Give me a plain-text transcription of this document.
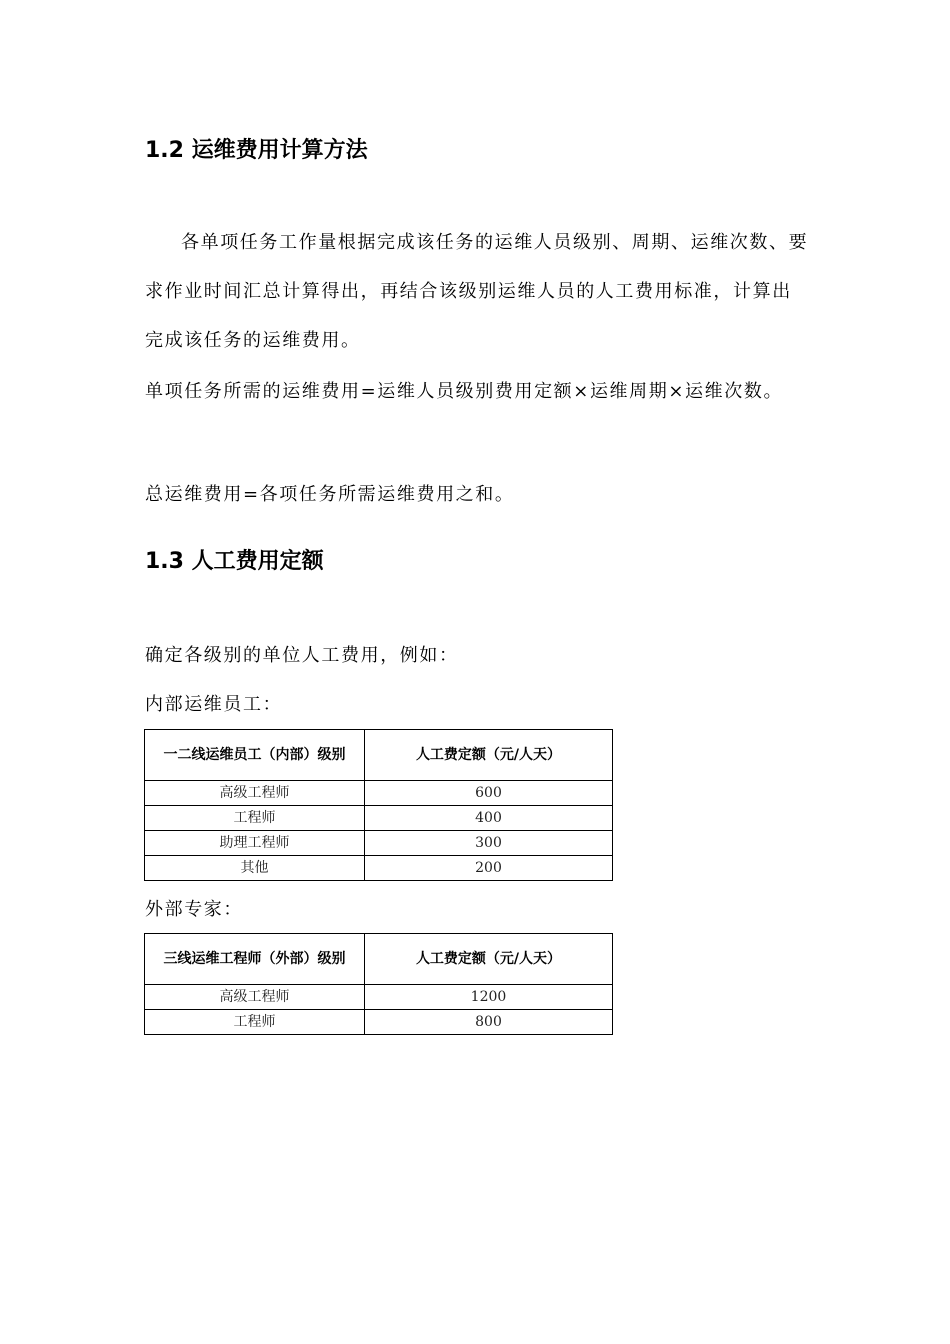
1.2 运维费用计算方法

各单项任务工作量根据完成该任务的运维人员级别、周期、运维次数、要求作业时间汇总计算得出，再结合该级别运维人员的人工费用标准，计算出完成该任务的运维费用。

单项任务所需的运维费用=运维人员级别费用定额×运维周期×运维次数。

总运维费用=各项任务所需运维费用之和。

1.3 人工费用定额

确定各级别的单位人工费用，例如：

内部运维员工：

一二线运维员工（内部）级别	人工费定额（元/人天）
高级工程师	600
工程师	400
助理工程师	300
其他	200

外部专家：

三线运维工程师（外部）级别	人工费定额（元/人天）
高级工程师	1200
工程师	800
